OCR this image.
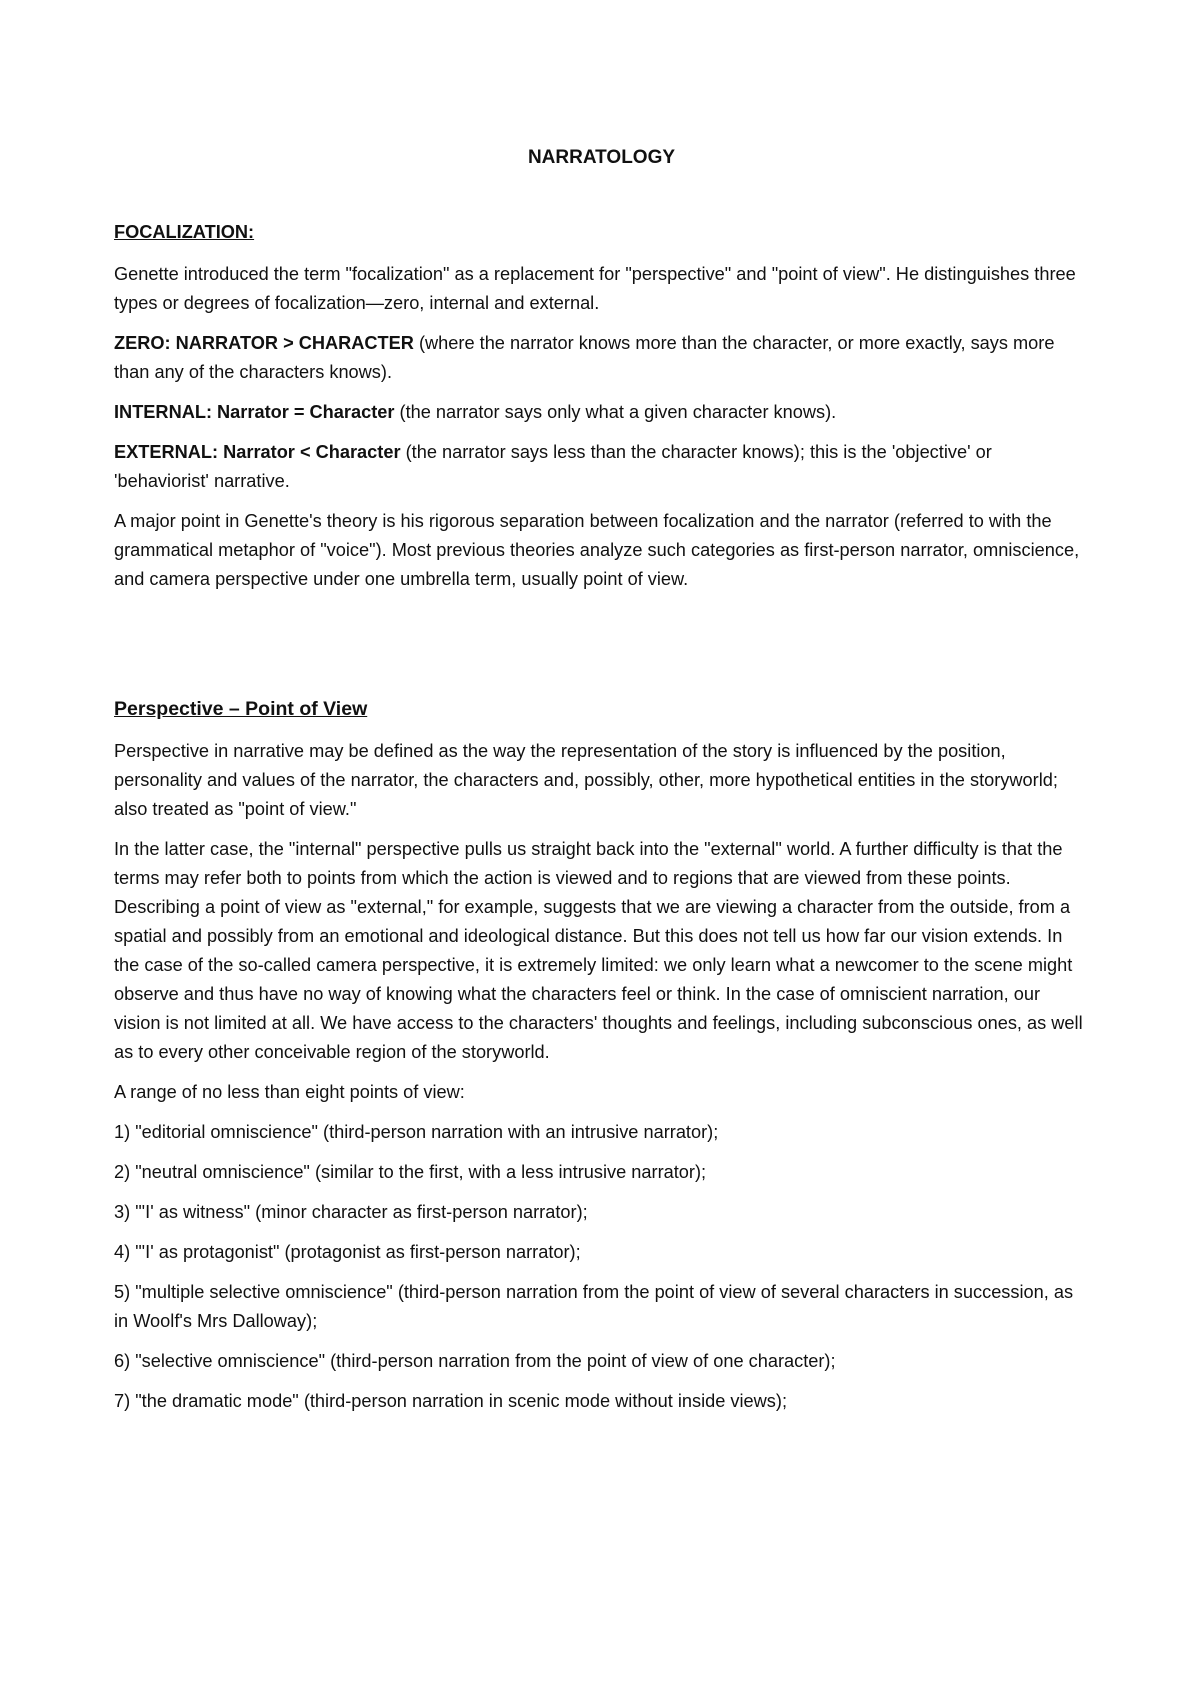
NARRATOLOGY
FOCALIZATION:

Genette introduced the term "focalization" as a replacement for "perspective" and "point of view". He distinguishes three types or degrees of focalization—zero, internal and external.

ZERO: NARRATOR > CHARACTER (where the narrator knows more than the character, or more exactly, says more than any of the characters knows).

INTERNAL: Narrator = Character (the narrator says only what a given character knows).

EXTERNAL: Narrator < Character (the narrator says less than the character knows); this is the 'objective' or 'behaviorist' narrative.

A major point in Genette's theory is his rigorous separation between focalization and the narrator (referred to with the grammatical metaphor of "voice"). Most previous theories analyze such categories as first-person narrator, omniscience, and camera perspective under one umbrella term, usually point of view.

Perspective – Point of View

Perspective in narrative may be defined as the way the representation of the story is influenced by the position, personality and values of the narrator, the characters and, possibly, other, more hypothetical entities in the storyworld; also treated as "point of view."

In the latter case, the "internal" perspective pulls us straight back into the "external" world. A further difficulty is that the terms may refer both to points from which the action is viewed and to regions that are viewed from these points. Describing a point of view as "external," for example, suggests that we are viewing a character from the outside, from a spatial and possibly from an emotional and ideological distance. But this does not tell us how far our vision extends. In the case of the so-called camera perspective, it is extremely limited: we only learn what a newcomer to the scene might observe and thus have no way of knowing what the characters feel or think. In the case of omniscient narration, our vision is not limited at all. We have access to the characters' thoughts and feelings, including subconscious ones, as well as to every other conceivable region of the storyworld.

A range of no less than eight points of view:

1) "editorial omniscience" (third-person narration with an intrusive narrator);

2) "neutral omniscience" (similar to the first, with a less intrusive narrator);

3) "'I' as witness" (minor character as first-person narrator);

4) "'I' as protagonist" (protagonist as first-person narrator);

5) "multiple selective omniscience" (third-person narration from the point of view of several characters in succession, as in Woolf's Mrs Dalloway);

6) "selective omniscience" (third-person narration from the point of view of one character);

7) "the dramatic mode" (third-person narration in scenic mode without inside views);
